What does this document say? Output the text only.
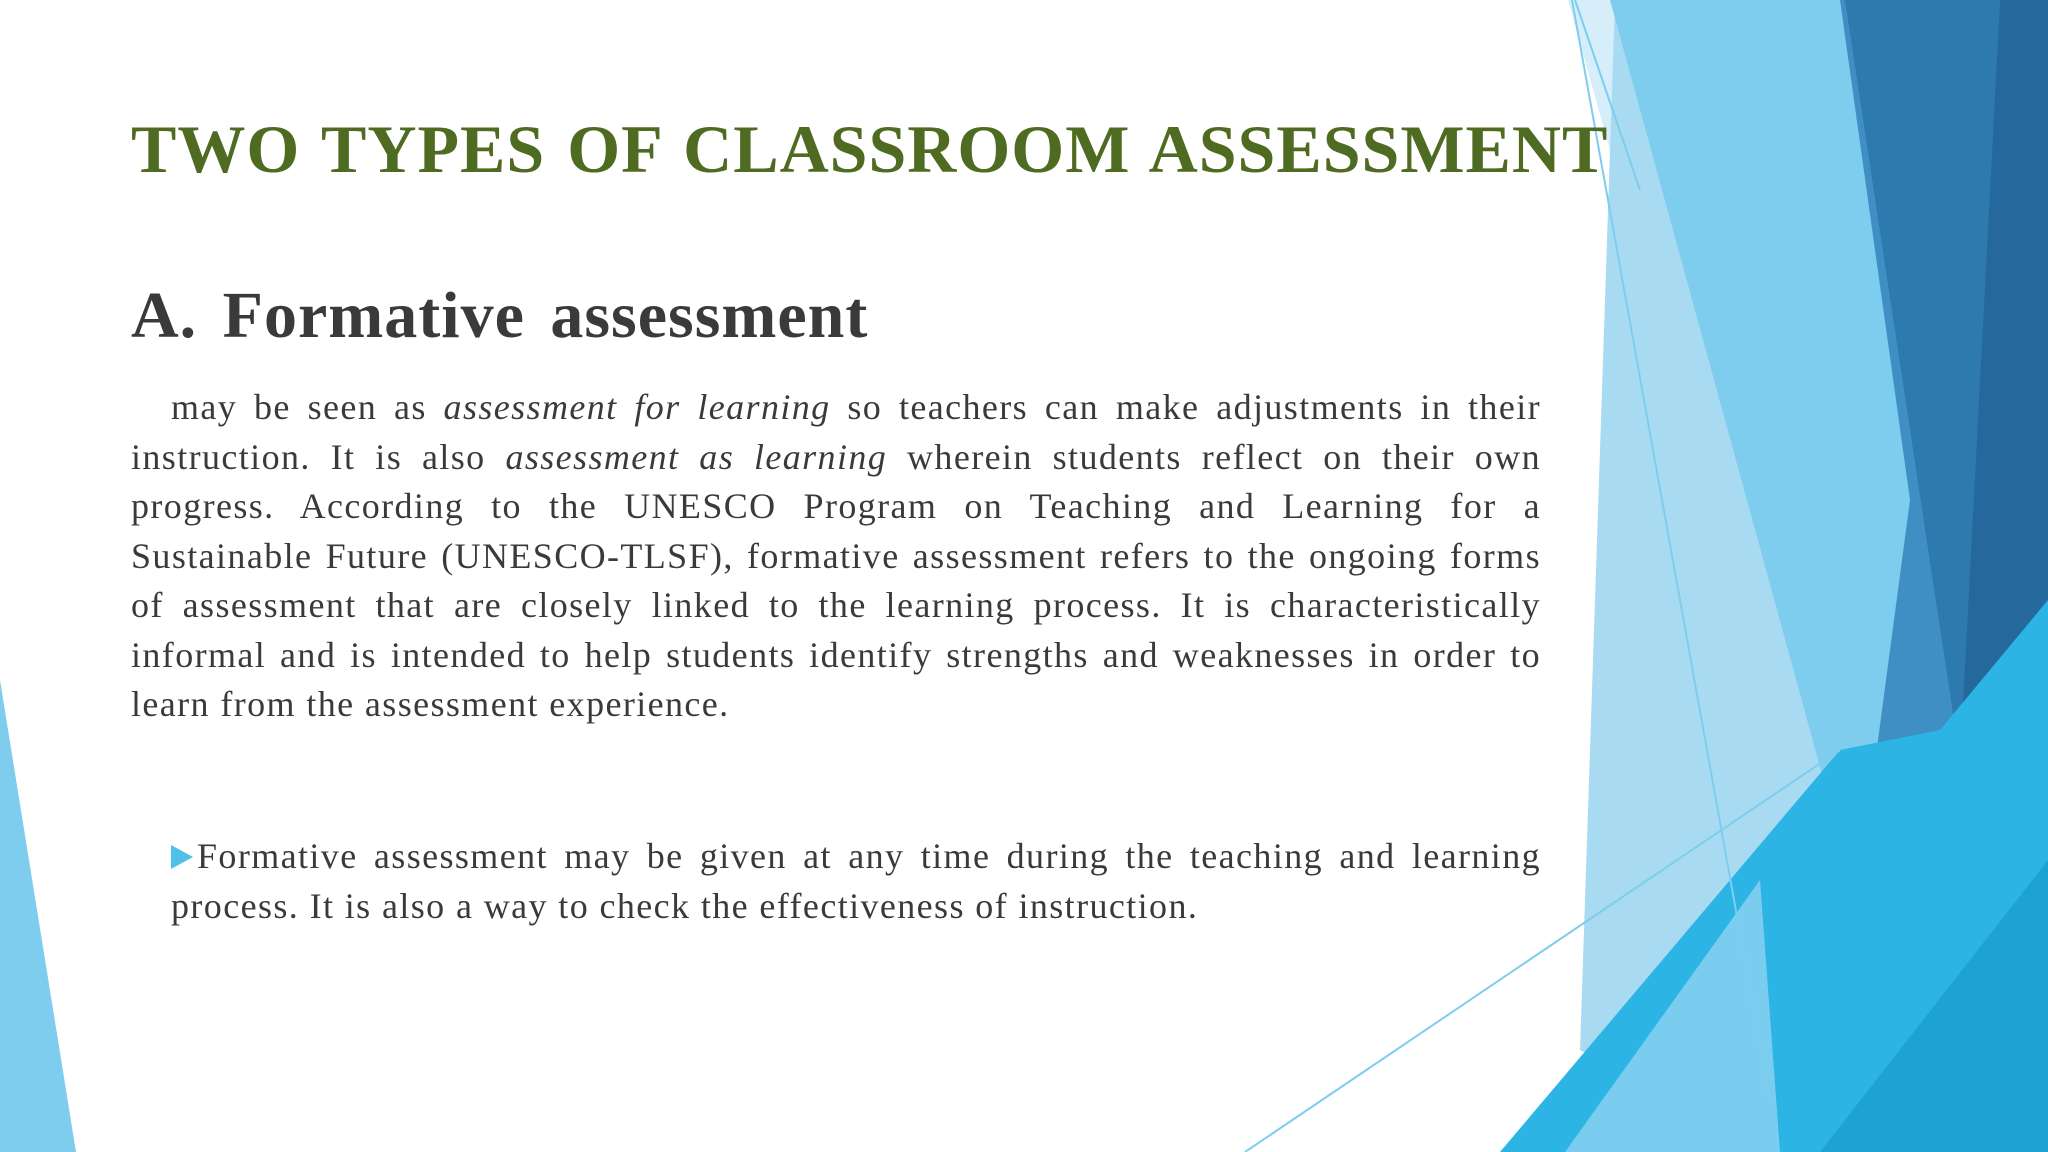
TWO TYPES OF CLASSROOM ASSESSMENT
A. Formative assessment

may be seen as assessment for learning so teachers can make adjustments in their instruction. It is also assessment as learning wherein students reflect on their own progress. According to the UNESCO Program on Teaching and Learning for a Sustainable Future (UNESCO-TLSF), formative assessment refers to the ongoing forms of assessment that are closely linked to the learning process. It is characteristically informal and is intended to help students identify strengths and weaknesses in order to learn from the assessment experience.

Formative assessment may be given at any time during the teaching and learning process. It is also a way to check the effectiveness of instruction.
